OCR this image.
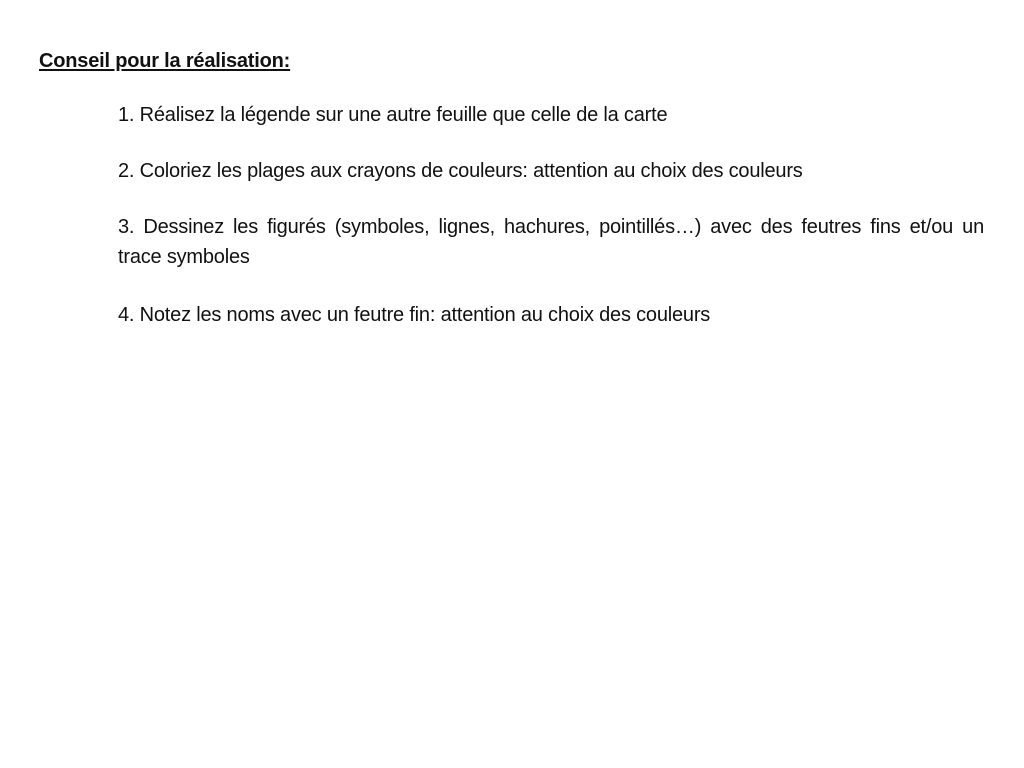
Conseil pour la réalisation:
1. Réalisez la légende sur une autre feuille que celle de la carte
2. Coloriez les plages aux crayons de couleurs: attention au choix des couleurs
3. Dessinez les figurés (symboles, lignes, hachures, pointillés…) avec des feutres fins et/ou un trace symboles
4. Notez les noms avec un feutre fin: attention au choix des couleurs
